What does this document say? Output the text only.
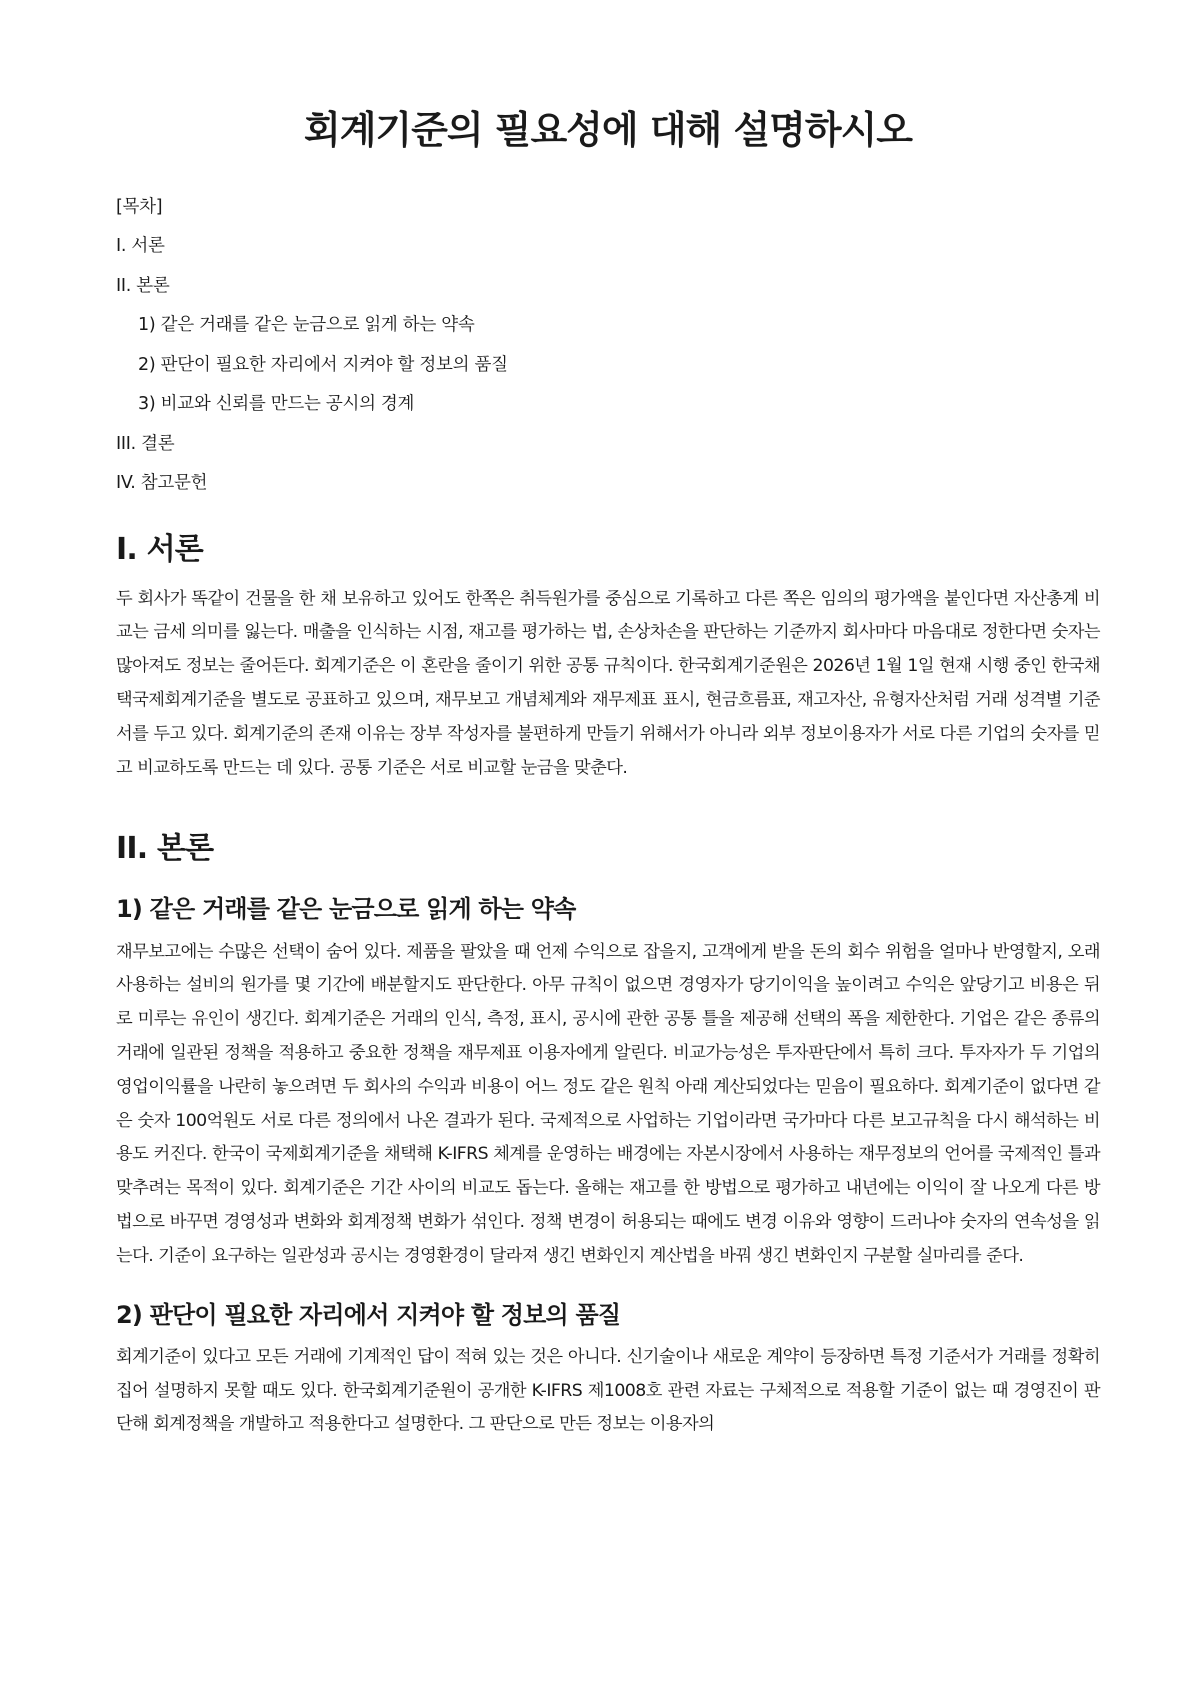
회계기준의 필요성에 대해 설명하시오
[목차]
I. 서론
II. 본론
1) 같은 거래를 같은 눈금으로 읽게 하는 약속
2) 판단이 필요한 자리에서 지켜야 할 정보의 품질
3) 비교와 신뢰를 만드는 공시의 경계
III. 결론
IV. 참고문헌
I. 서론

두 회사가 똑같이 건물을 한 채 보유하고 있어도 한쪽은 취득원가를 중심으로 기록하고 다른 쪽은 임의의 평가액을 붙인다면 자산총계 비교는 금세 의미를 잃는다. 매출을 인식하는 시점, 재고를 평가하는 법, 손상차손을 판단하는 기준까지 회사마다 마음대로 정한다면 숫자는 많아져도 정보는 줄어든다. 회계기준은 이 혼란을 줄이기 위한 공통 규칙이다. 한국회계기준원은 2026년 1월 1일 현재 시행 중인 한국채택국제회계기준을 별도로 공표하고 있으며, 재무보고 개념체계와 재무제표 표시, 현금흐름표, 재고자산, 유형자산처럼 거래 성격별 기준서를 두고 있다. 회계기준의 존재 이유는 장부 작성자를 불편하게 만들기 위해서가 아니라 외부 정보이용자가 서로 다른 기업의 숫자를 믿고 비교하도록 만드는 데 있다. 공통 기준은 서로 비교할 눈금을 맞춘다.

II. 본론
1) 같은 거래를 같은 눈금으로 읽게 하는 약속

재무보고에는 수많은 선택이 숨어 있다. 제품을 팔았을 때 언제 수익으로 잡을지, 고객에게 받을 돈의 회수 위험을 얼마나 반영할지, 오래 사용하는 설비의 원가를 몇 기간에 배분할지도 판단한다. 아무 규칙이 없으면 경영자가 당기이익을 높이려고 수익은 앞당기고 비용은 뒤로 미루는 유인이 생긴다. 회계기준은 거래의 인식, 측정, 표시, 공시에 관한 공통 틀을 제공해 선택의 폭을 제한한다. 기업은 같은 종류의 거래에 일관된 정책을 적용하고 중요한 정책을 재무제표 이용자에게 알린다. 비교가능성은 투자판단에서 특히 크다. 투자자가 두 기업의 영업이익률을 나란히 놓으려면 두 회사의 수익과 비용이 어느 정도 같은 원칙 아래 계산되었다는 믿음이 필요하다. 회계기준이 없다면 같은 숫자 100억원도 서로 다른 정의에서 나온 결과가 된다. 국제적으로 사업하는 기업이라면 국가마다 다른 보고규칙을 다시 해석하는 비용도 커진다. 한국이 국제회계기준을 채택해 K-IFRS 체계를 운영하는 배경에는 자본시장에서 사용하는 재무정보의 언어를 국제적인 틀과 맞추려는 목적이 있다. 회계기준은 기간 사이의 비교도 돕는다. 올해는 재고를 한 방법으로 평가하고 내년에는 이익이 잘 나오게 다른 방법으로 바꾸면 경영성과 변화와 회계정책 변화가 섞인다. 정책 변경이 허용되는 때에도 변경 이유와 영향이 드러나야 숫자의 연속성을 읽는다. 기준이 요구하는 일관성과 공시는 경영환경이 달라져 생긴 변화인지 계산법을 바꿔 생긴 변화인지 구분할 실마리를 준다.

2) 판단이 필요한 자리에서 지켜야 할 정보의 품질

회계기준이 있다고 모든 거래에 기계적인 답이 적혀 있는 것은 아니다. 신기술이나 새로운 계약이 등장하면 특정 기준서가 거래를 정확히 집어 설명하지 못할 때도 있다. 한국회계기준원이 공개한 K-IFRS 제1008호 관련 자료는 구체적으로 적용할 기준이 없는 때 경영진이 판단해 회계정책을 개발하고 적용한다고 설명한다. 그 판단으로 만든 정보는 이용자의
